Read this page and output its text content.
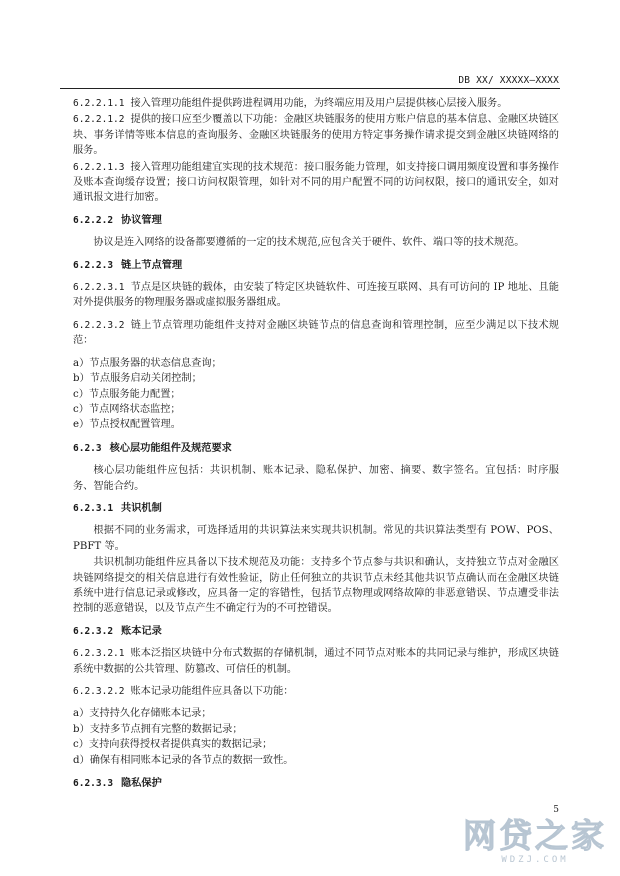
DB XX/ XXXXX—XXXX

6.2.2.1.1 接入管理功能组件提供跨进程调用功能，为终端应用及用户层提供核心层接入服务。

6.2.2.1.2 提供的接口应至少覆盖以下功能：金融区块链服务的使用方账户信息的基本信息、金融区块链区块、事务详情等账本信息的查询服务、金融区块链服务的使用方特定事务操作请求提交到金融区块链网络的服务。

6.2.2.1.3 接入管理功能组建宜实现的技术规范：接口服务能力管理，如支持接口调用频度设置和事务操作及账本查询缓存设置；接口访问权限管理，如针对不同的用户配置不同的访问权限，接口的通讯安全，如对通讯报文进行加密。

6.2.2.2 协议管理

协议是连入网络的设备都要遵循的一定的技术规范,应包含关于硬件、软件、端口等的技术规范。

6.2.2.3 链上节点管理

6.2.2.3.1 节点是区块链的载体，由安装了特定区块链软件、可连接互联网、具有可访问的 IP 地址、且能对外提供服务的物理服务器或虚拟服务器组成。

6.2.2.3.2 链上节点管理功能组件支持对金融区块链节点的信息查询和管理控制，应至少满足以下技术规范：

a）节点服务器的状态信息查询；
b）节点服务启动关闭控制；
c）节点服务能力配置；
c）节点网络状态监控；
e）节点授权配置管理。
6.2.3 核心层功能组件及规范要求

核心层功能组件应包括：共识机制、账本记录、隐私保护、加密、摘要、数字签名。宜包括：时序服务、智能合约。

6.2.3.1 共识机制

根据不同的业务需求，可选择适用的共识算法来实现共识机制。常见的共识算法类型有 POW、POS、PBFT 等。

共识机制功能组件应具备以下技术规范及功能：支持多个节点参与共识和确认，支持独立节点对金融区块链网络提交的相关信息进行有效性验证，防止任何独立的共识节点未经其他共识节点确认而在金融区块链系统中进行信息记录或修改，应具备一定的容错性，包括节点物理或网络故障的非恶意错误、节点遭受非法控制的恶意错误，以及节点产生不确定行为的不可控错误。

6.2.3.2 账本记录

6.2.3.2.1 账本泛指区块链中分布式数据的存储机制，通过不同节点对账本的共同记录与维护，形成区块链系统中数据的公共管理、防篡改、可信任的机制。

6.2.3.2.2 账本记录功能组件应具备以下功能：

a）支持持久化存储账本记录；
b）支持多节点拥有完整的数据记录；
c）支持向获得授权者提供真实的数据记录；
d）确保有相同账本记录的各节点的数据一致性。
6.2.3.3 隐私保护
5
网贷之家
WDZJ.COM
